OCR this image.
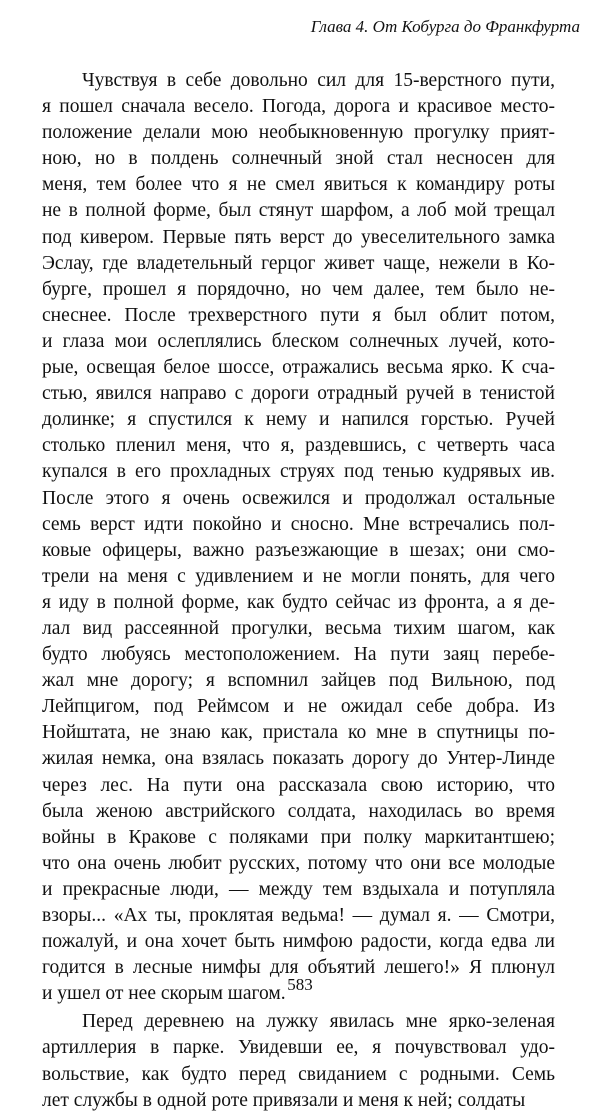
Глава 4. От Кобурга до Франкфурта
Чувствуя в себе довольно сил для 15-верстного пути,
я пошел сначала весело. Погода, дорога и красивое место-
положение делали мою необыкновенную прогулку прият-
ною, но в полдень солнечный зной стал несносен для
меня, тем более что я не смел явиться к командиру роты
не в полной форме, был стянут шарфом, а лоб мой трещал
под кивером. Первые пять верст до увеселительного замка
Эслау, где владетельный герцог живет чаще, нежели в Ко-
бурге, прошел я порядочно, но чем далее, тем было не-
снеснее. После трехверстного пути я был облит потом,
и глаза мои ослеплялись блеском солнечных лучей, кото-
рые, освещая белое шоссе, отражались весьма ярко. К сча-
стью, явился направо с дороги отрадный ручей в тенистой
долинке; я спустился к нему и напился горстью. Ручей
столько пленил меня, что я, раздевшись, с четверть часа
купался в его прохладных струях под тенью кудрявых ив.
После этого я очень освежился и продолжал остальные
семь верст идти покойно и сносно. Мне встречались пол-
ковые офицеры, важно разъезжающие в шезах; они смо-
трели на меня с удивлением и не могли понять, для чего
я иду в полной форме, как будто сейчас из фронта, а я де-
лал вид рассеянной прогулки, весьма тихим шагом, как
будто любуясь местоположением. На пути заяц перебе-
жал мне дорогу; я вспомнил зайцев под Вильною, под
Лейпцигом, под Реймсом и не ожидал себе добра. Из
Нойштата, не знаю как, пристала ко мне в спутницы по-
жилая немка, она взялась показать дорогу до Унтер-Линде
через лес. На пути она рассказала свою историю, что
была женою австрийского солдата, находилась во время
войны в Кракове с поляками при полку маркитантшею;
что она очень любит русских, потому что они все молодые
и прекрасные люди, — между тем вздыхала и потупляла
взоры... «Ах ты, проклятая ведьма! — думал я. — Смотри,
пожалуй, и она хочет быть нимфою радости, когда едва ли
годится в лесные нимфы для объятий лешего!» Я плюнул
и ушел от нее скорым шагом.
Перед деревнею на лужку явилась мне ярко-зеленая
артиллерия в парке. Увидевши ее, я почувствовал удо-
вольствие, как будто перед свиданием с родными. Семь
лет службы в одной роте привязали и меня к ней; солдаты
583
